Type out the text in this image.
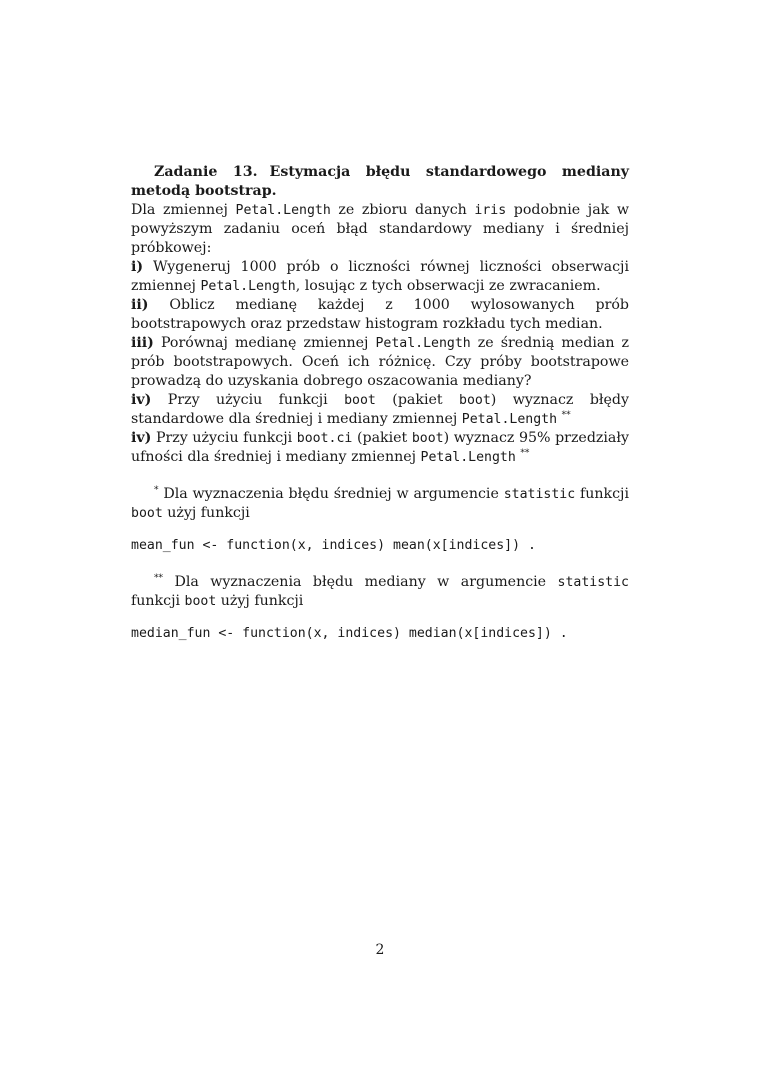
Zadanie 13. Estymacja błędu standardowego mediany metodą bootstrap.

Dla zmiennej Petal.Length ze zbioru danych iris podobnie jak w powyższym zadaniu oceń błąd standardowy mediany i średniej próbkowej:

i) Wygeneruj 1000 prób o liczności równej liczności obserwacji zmiennej Petal.Length, losując z tych obserwacji ze zwracaniem.

ii) Oblicz medianę każdej z 1000 wylosowanych prób bootstrapowych oraz przedstaw histogram rozkładu tych median.

iii) Porównaj medianę zmiennej Petal.Length ze średnią median z prób bootstrapowych. Oceń ich różnicę. Czy próby bootstrapowe prowadzą do uzyskania dobrego oszacowania mediany?

iv) Przy użyciu funkcji boot (pakiet boot) wyznacz błędy standardowe dla średniej i mediany zmiennej Petal.Length **

iv) Przy użyciu funkcji boot.ci (pakiet boot) wyznacz 95% przedziały ufności dla średniej i mediany zmiennej Petal.Length **

* Dla wyznaczenia błędu średniej w argumencie statistic funkcji boot użyj funkcji

mean_fun <- function(x, indices) mean(x[indices]) .

** Dla wyznaczenia błędu mediany w argumencie statistic funkcji boot użyj funkcji

median_fun <- function(x, indices) median(x[indices]) .
2
